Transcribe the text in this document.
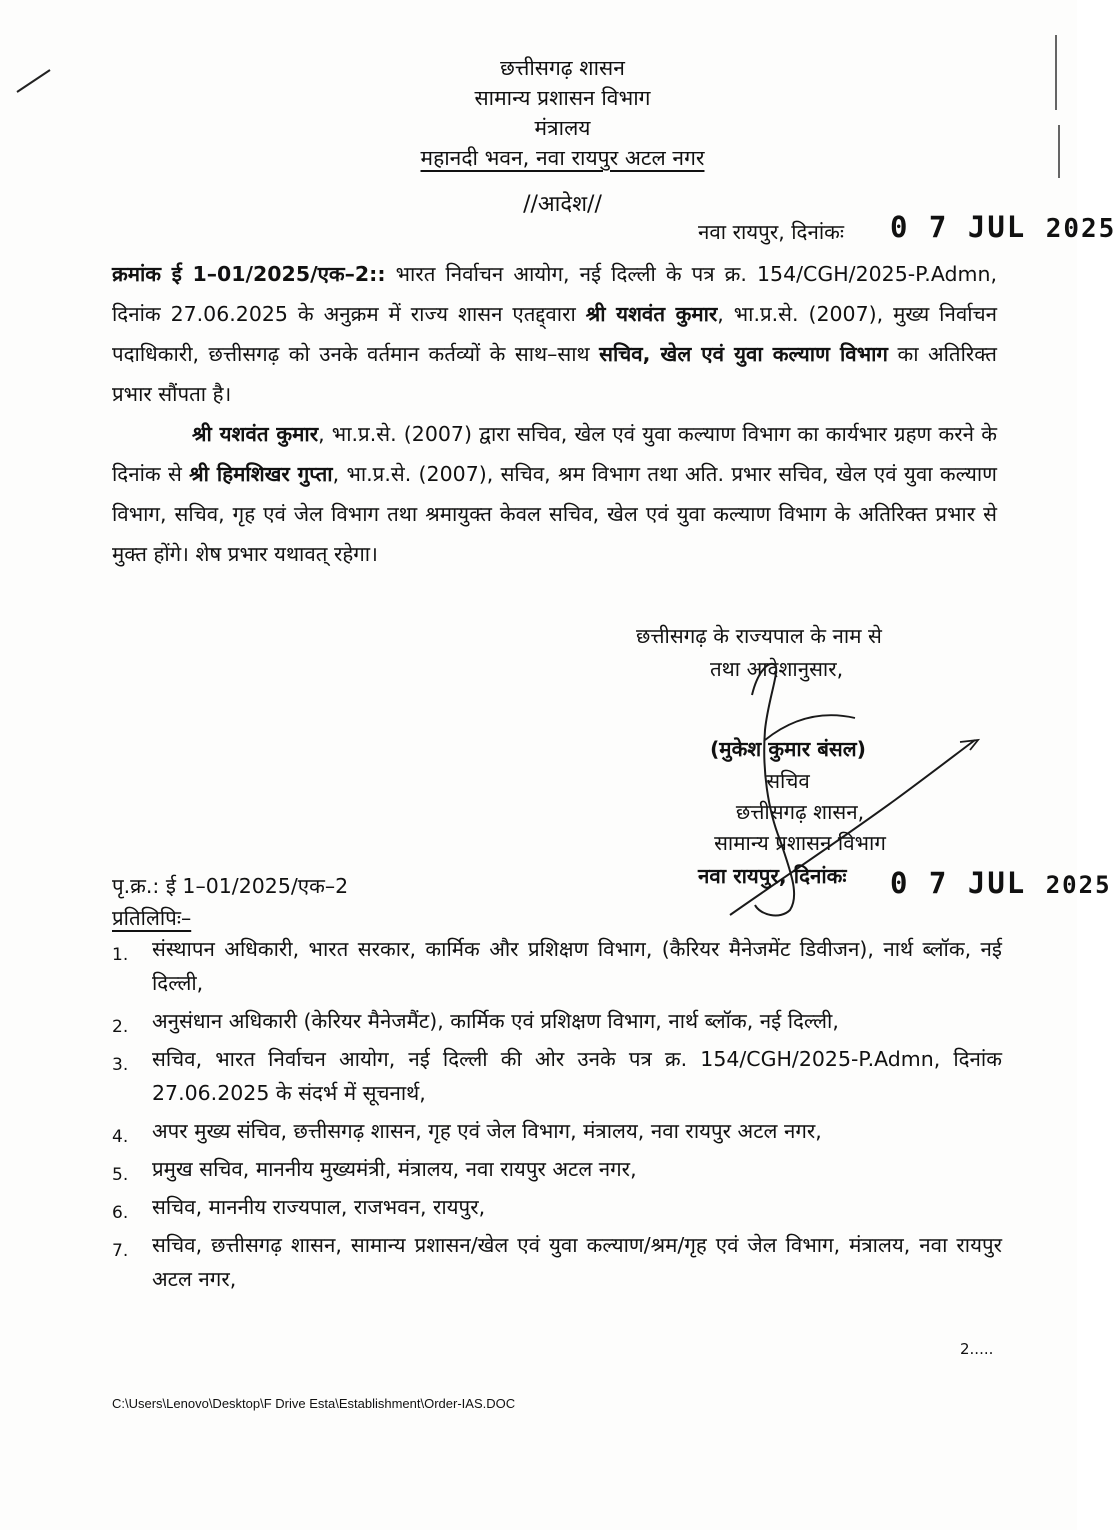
छत्तीसगढ़ शासन
सामान्य प्रशासन विभाग
मंत्रालय
महानदी भवन, नवा रायपुर अटल नगर
//आदेश//
नवा रायपुर, दिनांकः 0 7 JUL 2025
क्रमांक ई 1–01/2025/एक–2:: भारत निर्वाचन आयोग, नई दिल्ली के पत्र क्र. 154/CGH/2025-P.Admn, दिनांक 27.06.2025 के अनुक्रम में राज्य शासन एतद्द्वारा श्री यशवंत कुमार, भा.प्र.से. (2007), मुख्य निर्वाचन पदाधिकारी, छत्तीसगढ़ को उनके वर्तमान कर्तव्यों के साथ–साथ सचिव, खेल एवं युवा कल्याण विभाग का अतिरिक्त प्रभार सौंपता है।
श्री यशवंत कुमार, भा.प्र.से. (2007) द्वारा सचिव, खेल एवं युवा कल्याण विभाग का कार्यभार ग्रहण करने के दिनांक से श्री हिमशिखर गुप्ता, भा.प्र.से. (2007), सचिव, श्रम विभाग तथा अति. प्रभार सचिव, खेल एवं युवा कल्याण विभाग, सचिव, गृह एवं जेल विभाग तथा श्रमायुक्त केवल सचिव, खेल एवं युवा कल्याण विभाग के अतिरिक्त प्रभार से मुक्त होंगे। शेष प्रभार यथावत् रहेगा।
छत्तीसगढ़ के राज्यपाल के नाम से
तथा आदेशानुसार,
(मुकेश कुमार बंसल)
सचिव
छत्तीसगढ़ शासन,
सामान्य प्रशासन विभाग
पृ.क्र.: ई 1–01/2025/एक–2	नवा रायपुर, दिनांकः 0 7 JUL 2025
प्रतिलिपिः–
1. संस्थापन अधिकारी, भारत सरकार, कार्मिक और प्रशिक्षण विभाग, (कैरियर मैनेजमेंट डिवीजन), नार्थ ब्लॉक, नई दिल्ली,
2. अनुसंधान अधिकारी (केरियर मैनेजमैंट), कार्मिक एवं प्रशिक्षण विभाग, नार्थ ब्लॉक, नई दिल्ली,
3. सचिव, भारत निर्वाचन आयोग, नई दिल्ली की ओर उनके पत्र क्र. 154/CGH/2025-P.Admn, दिनांक 27.06.2025 के संदर्भ में सूचनार्थ,
4. अपर मुख्य संचिव, छत्तीसगढ़ शासन, गृह एवं जेल विभाग, मंत्रालय, नवा रायपुर अटल नगर,
5. प्रमुख सचिव, माननीय मुख्यमंत्री, मंत्रालय, नवा रायपुर अटल नगर,
6. सचिव, माननीय राज्यपाल, राजभवन, रायपुर,
7. सचिव, छत्तीसगढ़ शासन, सामान्य प्रशासन/खेल एवं युवा कल्याण/श्रम/गृह एवं जेल विभाग, मंत्रालय, नवा रायपुर अटल नगर,
2.....
C:\Users\Lenovo\Desktop\F Drive Esta\Establishment\Order-IAS.DOC
